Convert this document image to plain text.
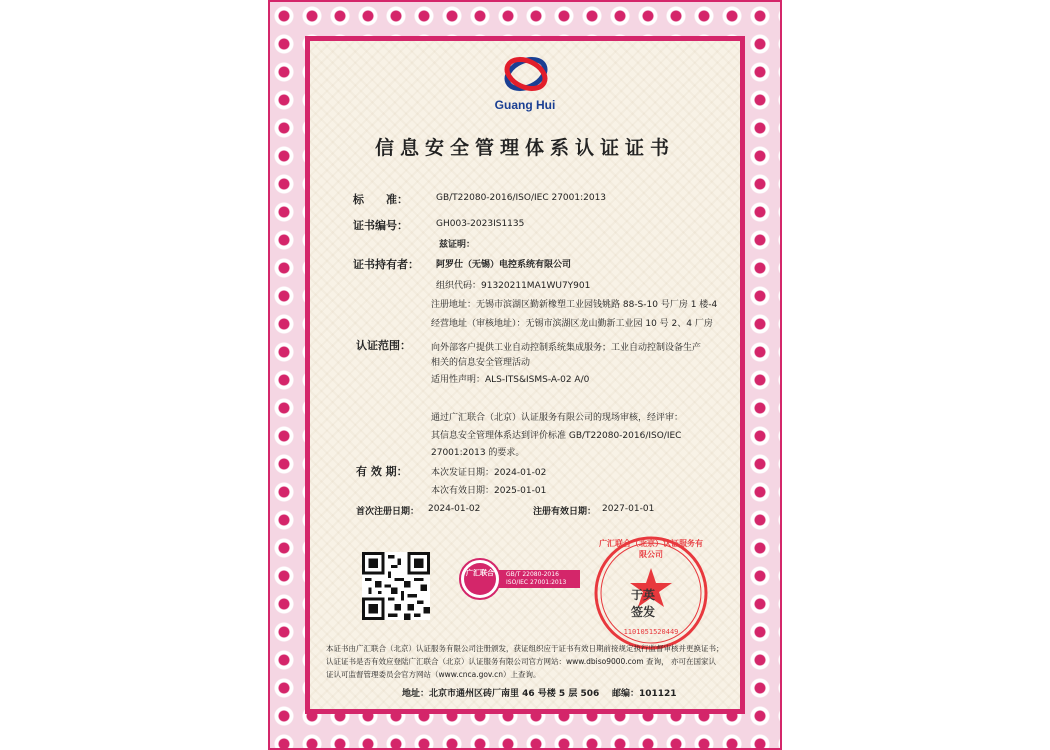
Guang Hui
信息安全管理体系认证证书
标　　准：	GB/T22080-2016/ISO/IEC 27001:2013
证书编号：	GH003-2023IS1135
兹证明：
证书持有者： 阿罗仕（无锡）电控系统有限公司
组织代码：91320211MA1WU7Y901
注册地址：无锡市滨湖区勤新橡塑工业园钱姚路 88-S-10 号厂房 1 楼-4
经营地址（审核地址）：无锡市滨湖区龙山勤新工业园 10 号 2、4 厂房
认证范围： 向外部客户提供工业自动控制系统集成服务；工业自动控制设备生产
相关的信息安全管理活动
适用性声明：ALS-ITS&ISMS-A-02 A/0
通过广汇联合（北京）认证服务有限公司的现场审核，经评审：
其信息安全管理体系达到评价标准 GB/T22080-2016/ISO/IEC
27001:2013 的要求。
有 效 期：	本次发证日期：2024-01-02
本次有效日期：2025-01-01
首次注册日期： 2024-01-02	注册有效日期： 2027-01-01
广汇联合 GB/T 22080-2016
ISO/IEC 27001:2013
广汇联合（北京）认证服务有限公司
1101051520449
于英
签发
本证书由广汇联合（北京）认证服务有限公司注册颁发，获证组织应于证书有效日期前接规定执行监督审核并更换证书；
认证证书是否有效应登陆广汇联合（北京）认证服务有限公司官方网站：www.dbiso9000.com 查询， 亦可在国家认
证认可监督管理委员会官方网站（www.cnca.gov.cn）上查询。
地址：北京市通州区砖厂南里 46 号楼 5 层 506 邮编：101121
